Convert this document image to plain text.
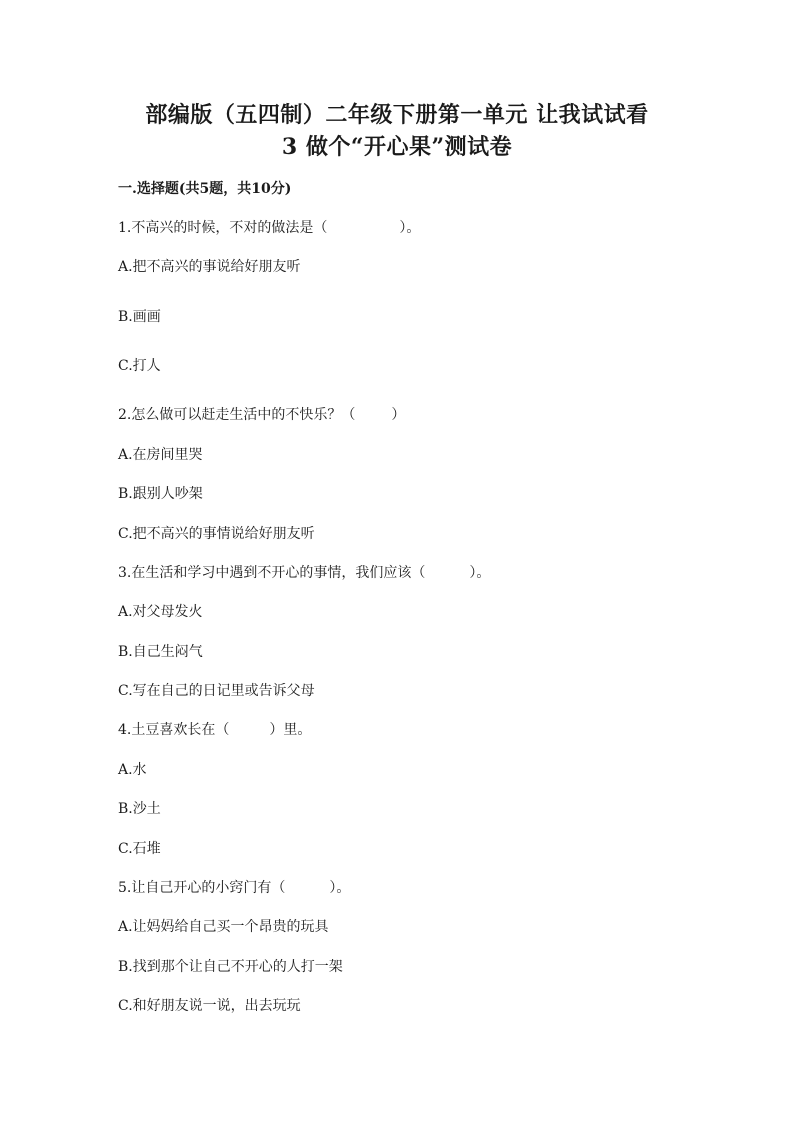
部编版（五四制）二年级下册第一单元 让我试试看
3 做个“开心果”测试卷
一.选择题(共5题，共10分)
1.不高兴的时候，不对的做法是（	）。
A.把不高兴的事说给好朋友听
B.画画
C.打人
2.怎么做可以赶走生活中的不快乐？（	）
A.在房间里哭
B.跟别人吵架
C.把不高兴的事情说给好朋友听
3.在生活和学习中遇到不开心的事情，我们应该（	）。
A.对父母发火
B.自己生闷气
C.写在自己的日记里或告诉父母
4.土豆喜欢长在（	）里。
A.水
B.沙土
C.石堆
5.让自己开心的小窍门有（	）。
A.让妈妈给自己买一个昂贵的玩具
B.找到那个让自己不开心的人打一架
C.和好朋友说一说，出去玩玩
